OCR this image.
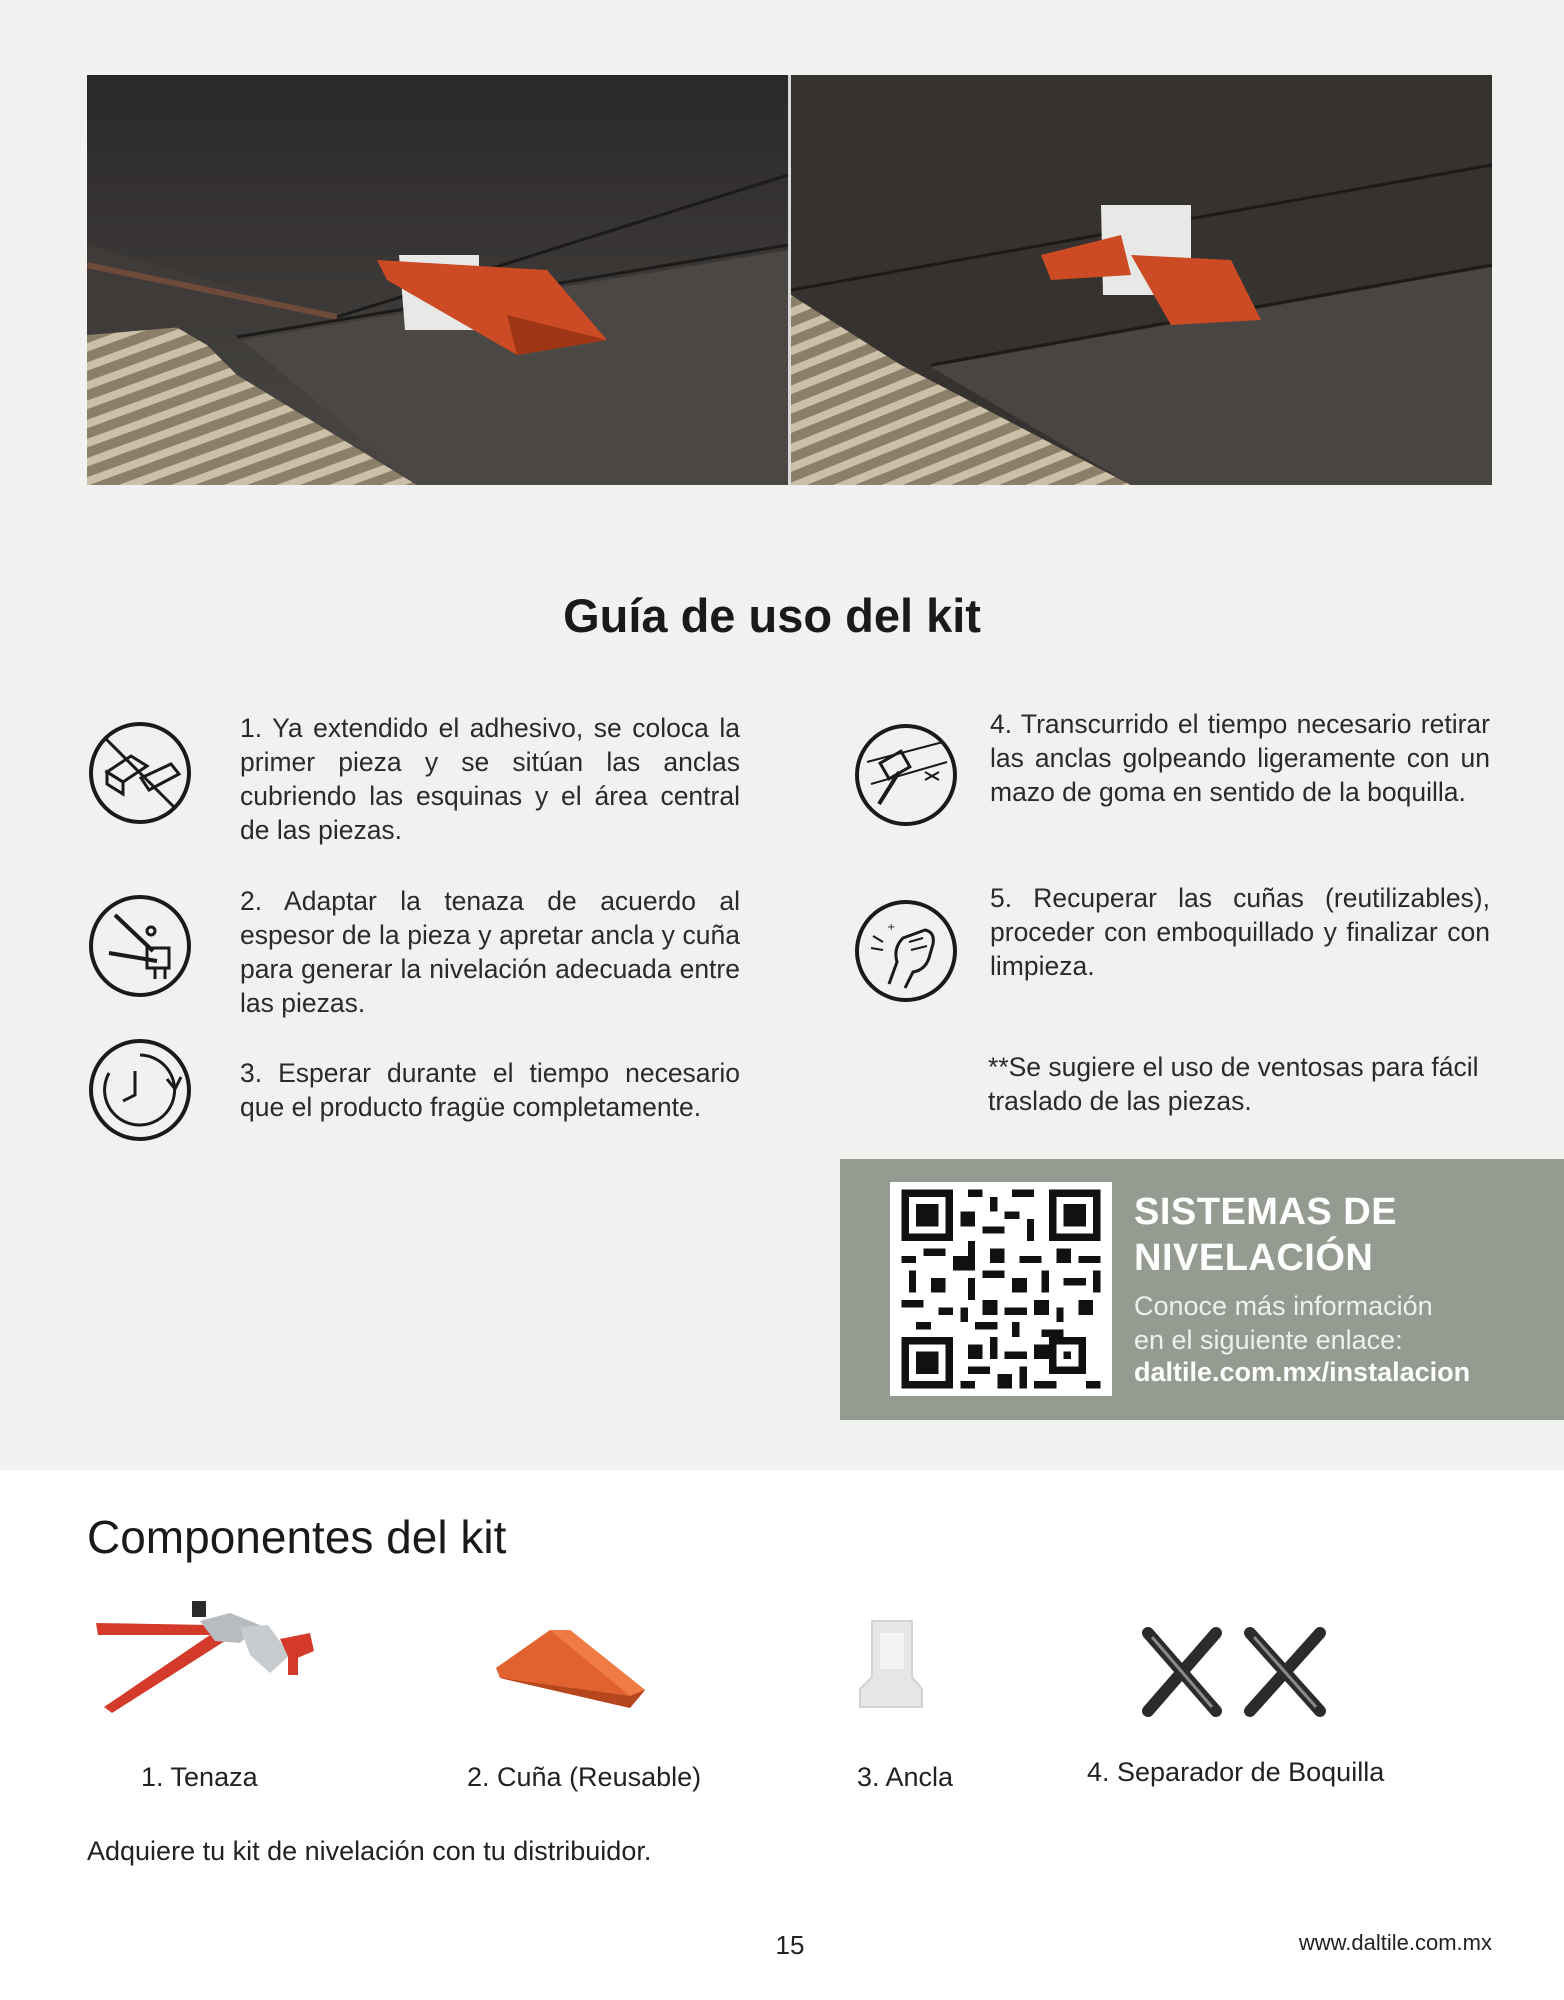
Guía de uso del kit
1. Ya extendido el adhesivo, se coloca la primer pieza y se sitúan las anclas cubriendo las esquinas y el área central de las piezas.
2. Adaptar la tenaza de acuerdo al espesor de la pieza y apretar ancla y cuña para generar la nivelación adecuada entre las piezas.
3. Esperar durante el tiempo necesario que el producto fragüe completamente.
4. Transcurrido el tiempo necesario retirar las anclas golpeando ligeramente con un mazo de goma en sentido de la boquilla.
+
5. Recuperar las cuñas (reutilizables), proceder con emboquillado y finalizar con limpieza.
**Se sugiere el uso de ventosas para fácil traslado de las piezas.
SISTEMAS DE
NIVELACIÓN
Conoce más información
en el siguiente enlace:
daltile.com.mx/instalacion
Componentes del kit
1. Tenaza	2. Cuña (Reusable)	3. Ancla	4. Separador de Boquilla
Adquiere tu kit de nivelación con tu distribuidor.
15	www.daltile.com.mx
